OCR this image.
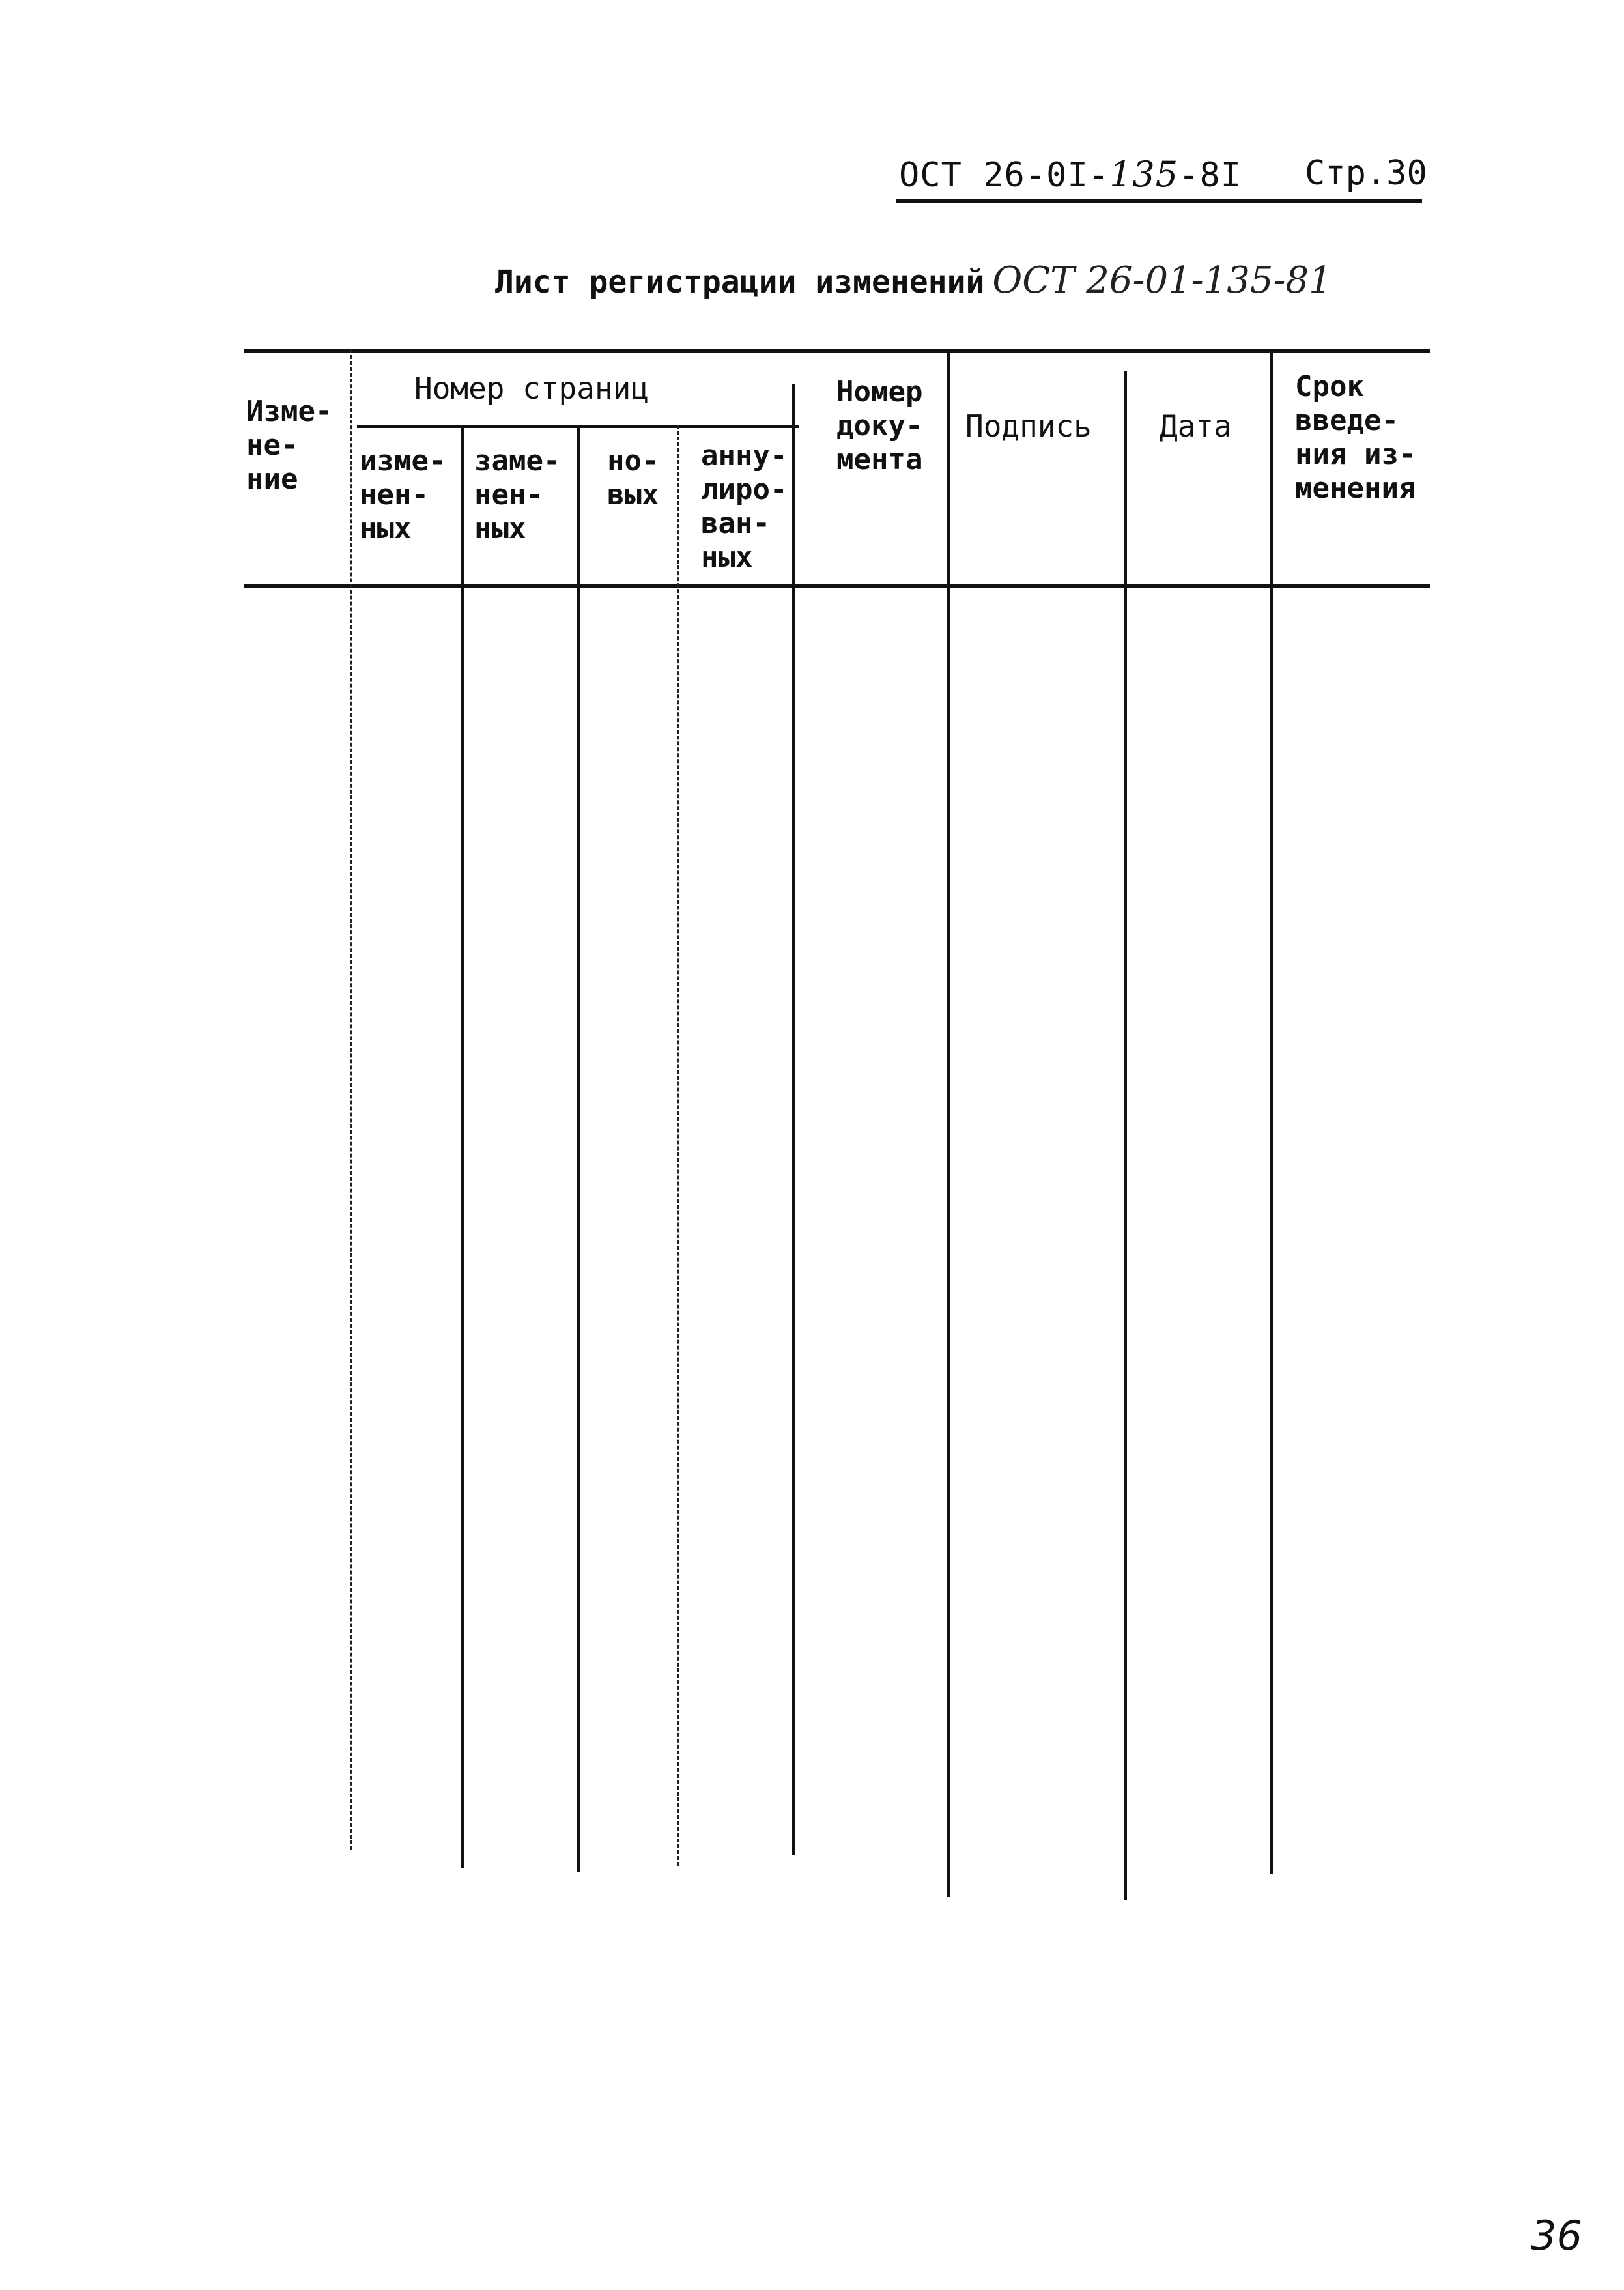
ОСТ 26-0I-135-8I Стр.30
Лист регистрации изменений ОСТ 26-01-135-81
Изме-
не-
ние
Номер страниц
изме-
нен-
ных
заме-
нен-
ных
но-
вых
анну-
лиро-
ван-
ных
Номер
доку-
мента
Подпись Дата
Срок
введе-
ния из-
менения
36
